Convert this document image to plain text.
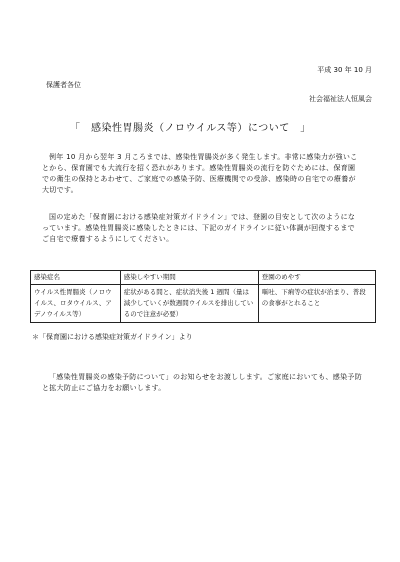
平成 30 年 10 月
保護者各位
社会福祉法人恒風会
「　感染性胃腸炎（ノロウイルス等）について　」

例年 10 月から翌年 3 月ころまでは、感染性胃腸炎が多く発生します。非常に感染力が強いことから、保育園でも大流行を招く恐れがあります。感染性胃腸炎の流行を防ぐためには、保育園での衛生の保持とあわせて、ご家庭での感染予防、医療機関での受診、感染時の自宅での療養が大切です。

国の定めた「保育園における感染症対策ガイドライン」では、登園の目安として次のようになっています。感染性胃腸炎に感染したときには、下記のガイドラインに従い体調が回復するまでご自宅で療養するようにしてください。

感染症名	感染しやすい期間	登園のめやす
ウイルス性胃腸炎（ノロウイルス、ロタウイルス、アデノウイルス等）	症状がある間と、症状消失後 1 週間（量は減少していくが数週間ウイルスを排出しているので注意が必要）	嘔吐、下痢等の症状が治まり、普段の食事がとれること
＊「保育園における感染症対策ガイドライン」より

「感染性胃腸炎の感染予防について」のお知らせをお渡しします。ご家庭においても、感染予防と拡大防止にご協力をお願いします。
